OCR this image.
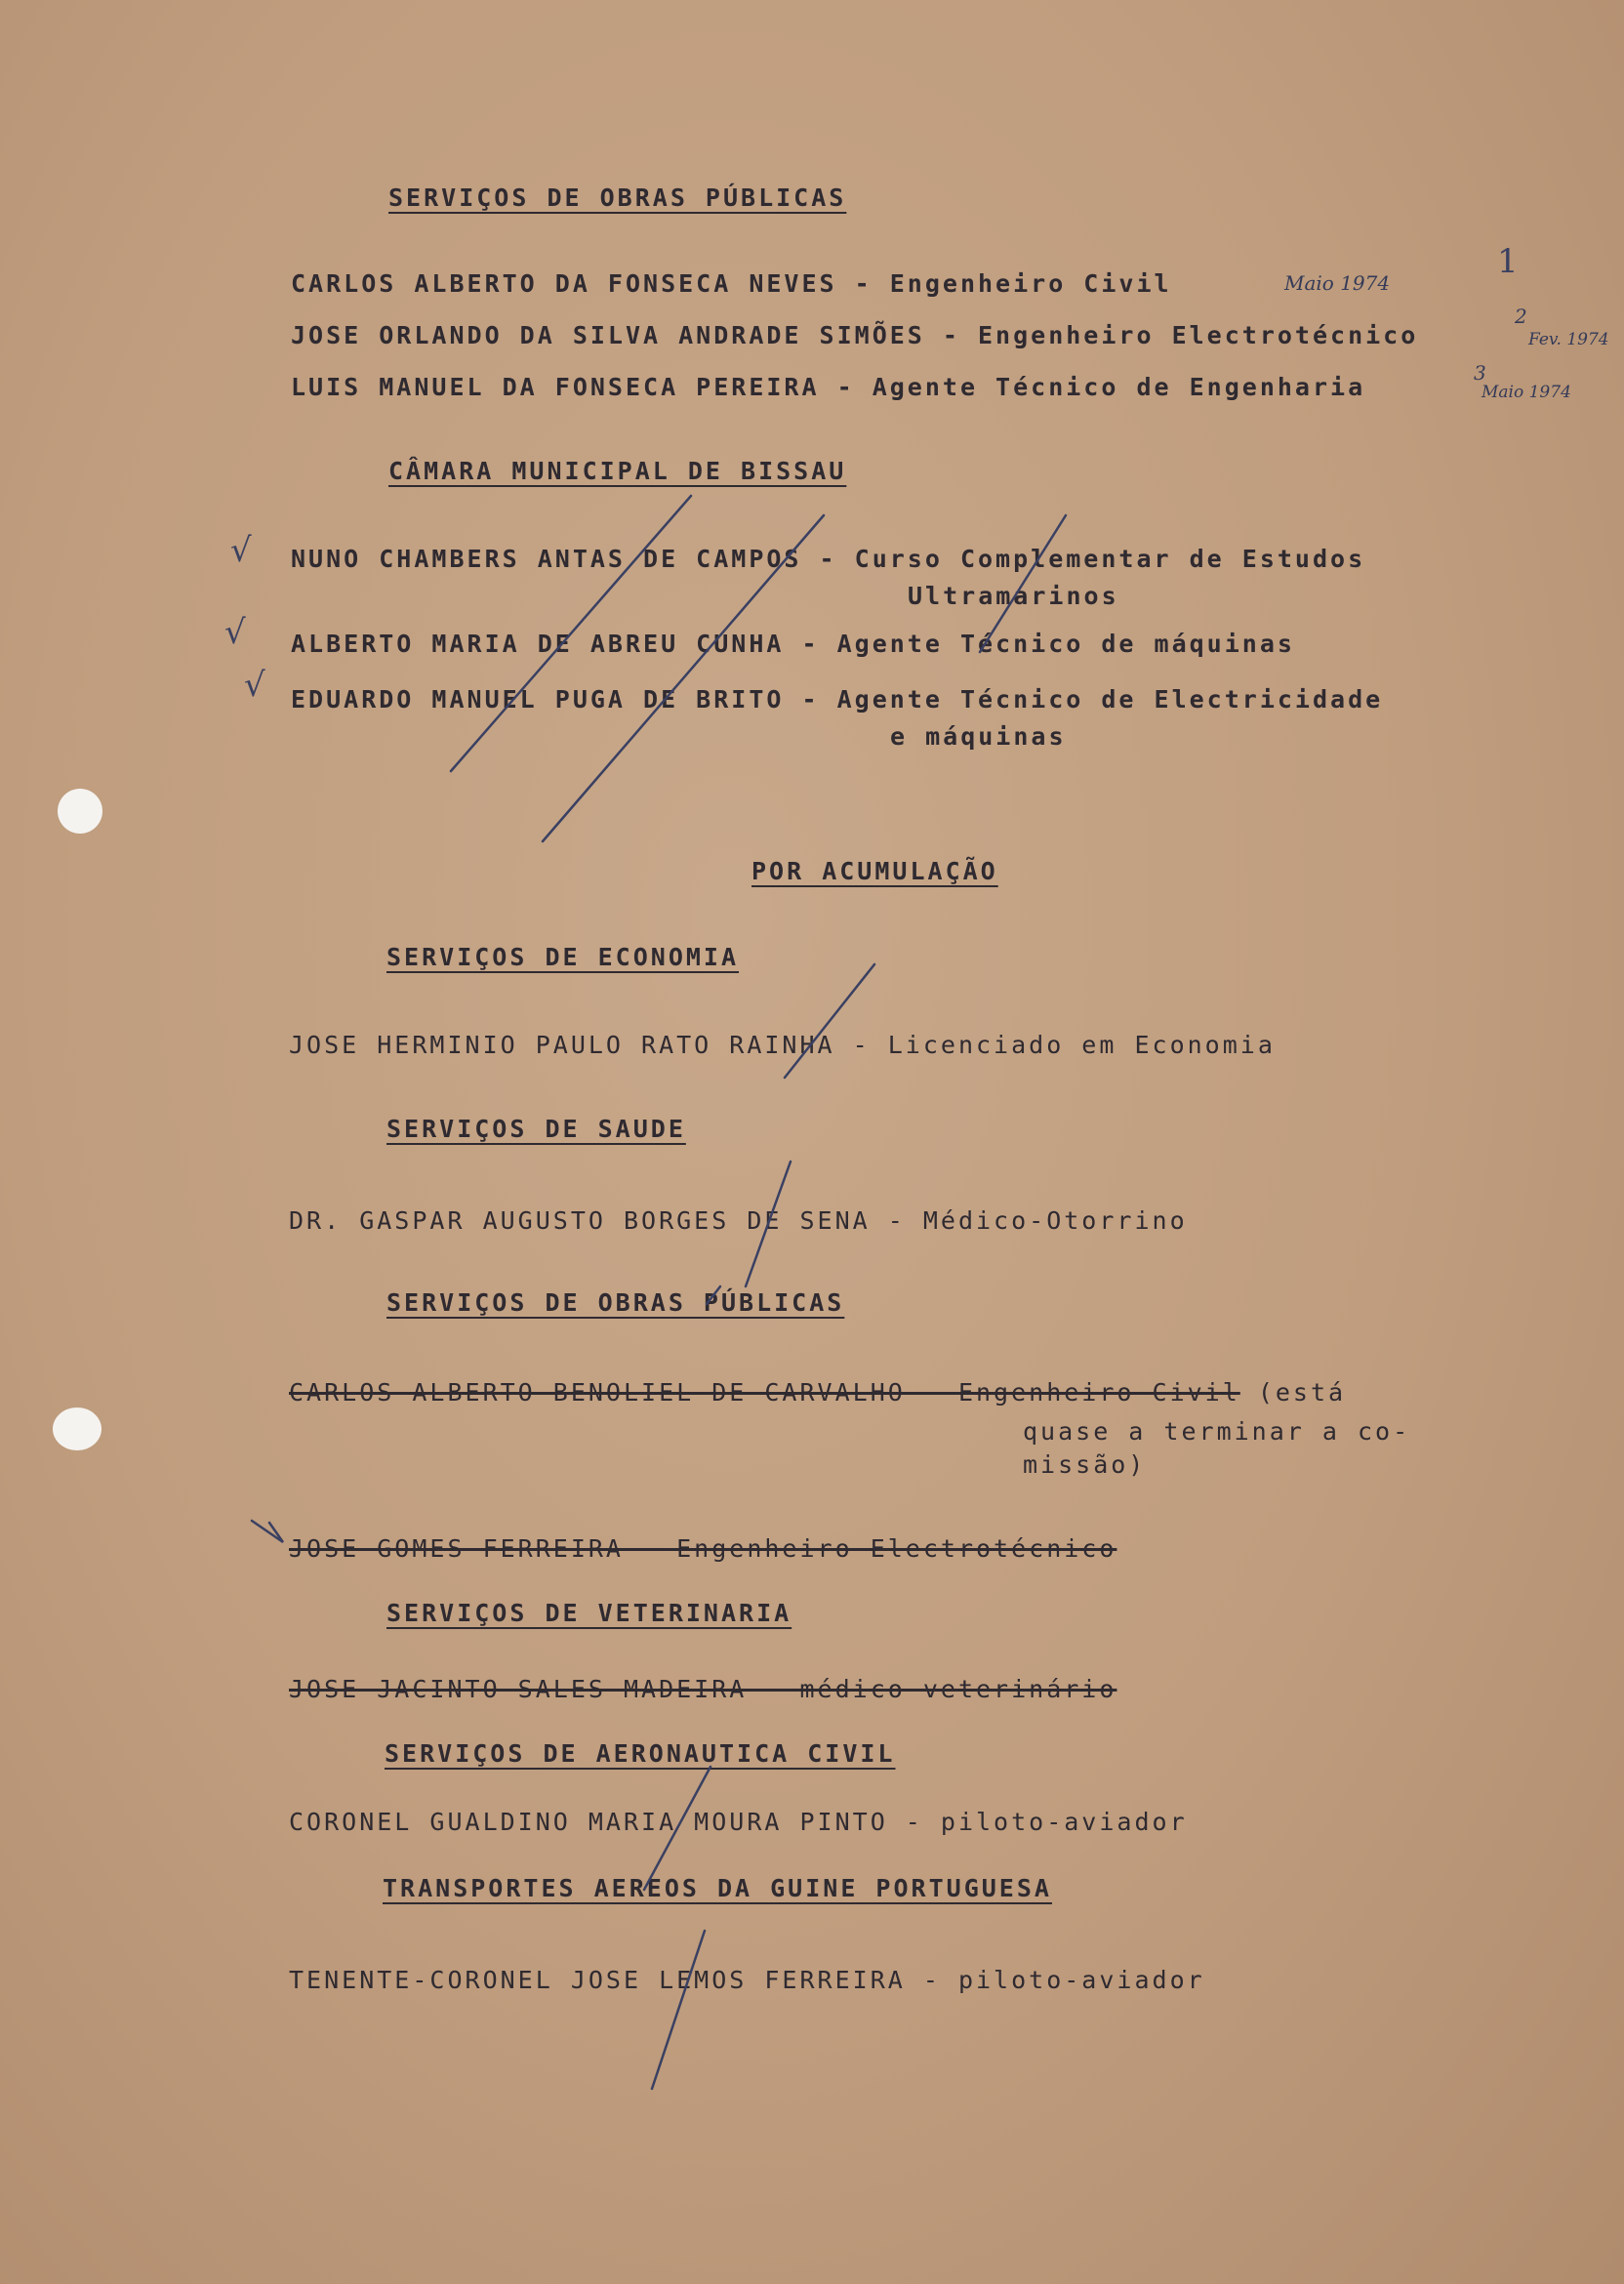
SERVIÇOS DE OBRAS PÚBLICAS
CARLOS ALBERTO DA FONSECA NEVES - Engenheiro Civil
JOSE ORLANDO DA SILVA ANDRADE SIMÕES - Engenheiro Electrotécnico
LUIS MANUEL DA FONSECA PEREIRA - Agente Técnico de Engenharia
Maio 1974
1
2
Fev. 1974
3
Maio 1974
CÂMARA MUNICIPAL DE BISSAU
√ NUNO CHAMBERS ANTAS DE CAMPOS - Curso Complementar de Estudos
Ultramarinos
√ ALBERTO MARIA DE ABREU CUNHA - Agente Técnico de máquinas
√ EDUARDO MANUEL PUGA DE BRITO - Agente Técnico de Electricidade
e máquinas
POR ACUMULAÇÃO
SERVIÇOS DE ECONOMIA
JOSE HERMINIO PAULO RATO RAINHA - Licenciado em Economia
SERVIÇOS DE SAUDE
DR. GASPAR AUGUSTO BORGES DE SENA - Médico-Otorrino
SERVIÇOS DE OBRAS PÚBLICAS
CARLOS ALBERTO BENOLIEL DE CARVALHO - Engenheiro Civil (está
quase a terminar a co-
missão)
JOSE GOMES FERREIRA - Engenheiro Electrotécnico
SERVIÇOS DE VETERINARIA
JOSE JACINTO SALES MADEIRA - médico-veterinário
SERVIÇOS DE AERONAUTICA CIVIL
CORONEL GUALDINO MARIA MOURA PINTO - piloto-aviador
TRANSPORTES AEREOS DA GUINE PORTUGUESA
TENENTE-CORONEL JOSE LEMOS FERREIRA - piloto-aviador
